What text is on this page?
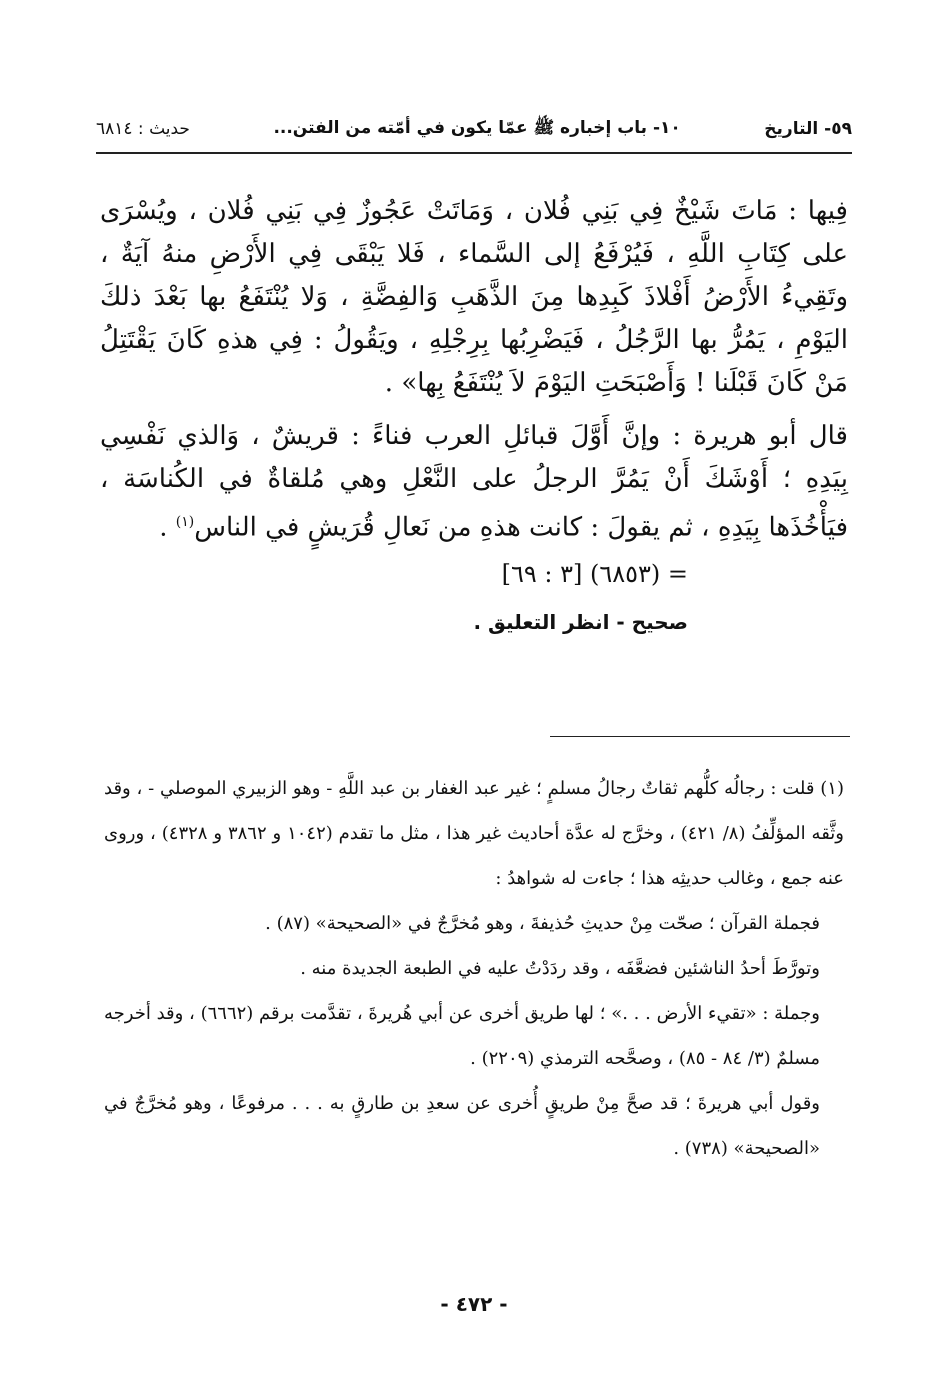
٥٩- التاريخ
١٠- باب إخباره ﷺ عمّا يكون في أمّته من الفتن...
حديث : ٦٨١٤

فِيها : مَاتَ شَيْخٌ فِي بَنِي فُلان ، وَمَاتَتْ عَجُوزٌ فِي بَنِي فُلان ، ويُسْرَى على كِتَابِ اللَّهِ ، فَيُرْفَعُ إلى السَّماء ، فَلا يَبْقَى فِي الأَرْضِ منهُ آيَةٌ ، وتَقِيءُ الأَرْضُ أَفْلاذَ كَبِدِها مِنَ الذَّهَبِ وَالفِضَّةِ ، وَلا يُنْتَفَعُ بها بَعْدَ ذلكَ اليَوْمِ ، يَمُرُّ بها الرَّجُلُ ، فَيَضْرِبُها بِرِجْلِهِ ، ويَقُولُ : فِي هذهِ كَانَ يَقْتَتِلُ مَنْ كَانَ قَبْلَنا ! وَأَصْبَحَتِ اليَوْمَ لاَ يُنْتَفَعُ بِها» .

قال أبو هريرة : وإنَّ أَوَّلَ قبائلِ العرب فناءً : قريشٌ ، وَالذي نَفْسِي بِيَدِهِ ؛ أَوْشَكَ أَنْ يَمُرَّ الرجلُ على النَّعْلِ وهي مُلقاةٌ في الكُناسَة ، فيَأْخُذَها بِيَدِهِ ، ثم يقولَ : كانت هذهِ من نَعالِ قُرَيشٍ في الناس$^{(١)}$ .

= (٦٨٥٣) [٣ : ٦٩]
صحيح - انظر التعليق .

(١) قلت : رجالُه كلُّهم ثقاتٌ رجالُ مسلمٍ ؛ غير عبد الغفار بن عبد اللَّهِ - وهو الزبيري الموصلي - ، وقد وثَّقه المؤلِّفُ (٨/ ٤٢١) ، وخرَّج له عدَّة أحاديث غير هذا ، مثل ما تقدم (١٠٤٢ و ٣٨٦٢ و ٤٣٢٨) ، وروى عنه جمع ، وغالب حديثِه هذا ؛ جاءت له شواهدُ :

فجملة القرآن ؛ صحّت مِنْ حديثِ حُذيفةَ ، وهو مُخرَّجٌ في «الصحيحة» (٨٧) .

وتورَّطَ أحدُ الناشئين فضعَّفَه ، وقد ردَدْتُ عليه في الطبعة الجديدة منه .

وجملة : «تقيء الأرض . . .» ؛ لها طريق أخرى عن أبي هُريرةَ ، تقدَّمت برقم (٦٦٦٢) ، وقد أخرجه مسلمٌ (٣/ ٨٤ - ٨٥) ، وصحَّحه الترمذي (٢٢٠٩) .

وقول أبي هريرةَ ؛ قد صحَّ مِنْ طريقٍ أُخرى عن سعدِ بن طارقٍ به . . . مرفوعًا ، وهو مُخرَّجٌ في «الصحيحة» (٧٣٨) .

- ٤٧٢ -
